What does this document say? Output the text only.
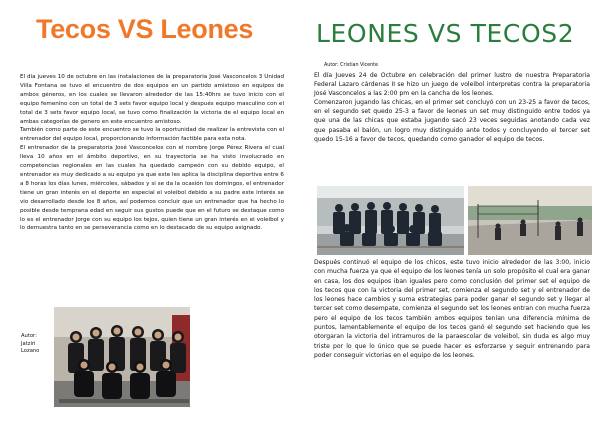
Tecos VS Leones

El día jueves 10 de octubre en las instalaciones de la preparatoria José Vasconcelos 3 Unidad Villa Fontana se tuvo el encuentro de dos equipos en un partido amistoso en equipos de ambos géneros, en los cuales se llevaron alrededor de las 15:40hrs se tuvo inicio con el equipo femenino con un total de 3 sets favor equipo local y después equipo masculino con el total de 3 sets favor equipo local, se tuvo como finalización la victoria de el equipo local en ambas categorías de genero en este encuentro amistoso.

También como parte de este encuentro se tuvo la oportunidad de realizar la entrevista con el entrenador del equipo local, proporcionando información factible para esta nota.

El entrenador de la preparatoria José Vasconcelos con el nombre Jorge Pérez Rivera el cual lleva 10 años en el ámbito deportivo, en su trayectoria se ha visto involucrado en competencias regionales en las cuales ha quedado campeón con su debido equipo, el entrenador es muy dedicado a su equipo ya que este les aplica la disciplina deportiva entre 6 a 8 horas los días lunes, miércoles, sábados y si se da la ocasión los domingos, el entrenador tiene un gran interés en el deporte en especial el voleibol debido a su padre este interés se vio desarrollado desde los 8 años, así podemos concluir que un entrenador que ha hecho lo posible desde temprana edad en seguir sus gustos puede que en el futuro se destaque como lo es el entrenador Jorge con su equipo los tejos, quien tiene un gran interés en el voleibol y lo demuestra tanto en se perseverancia como en lo destacado de su equipo asignado.

Autor:
Jatziri Lozano
LEONES VS TECOS2
Autor: Cristian Vicente

El día Jueves 24 de Octubre en celebración del primer lustro de nuestra Preparatoria Federal Lazaro cárdenas II se hizo un juego de voleibol interpretas contra la preparatoria José Vasconcelos a las 2:00 pm en la cancha de los leones.

Comenzaron jugando las chicas, en el primer set concluyó con un 23-25 a favor de tecos, en el segundo set quedo 25-3 a favor de leones un set muy distinguido entre todos ya que una de las chicas que estaba jugando sacó 23 veces seguidas anotando cada vez que pasaba el balón, un logro muy distinguido ante todos y concluyendo el tercer set quedo 15-16 a favor de tecos, quedando como ganador el equipo de tecos.

Después continuó el equipo de los chicos, este tuvo inicio alrededor de las 3:00, inicio con mucha fuerza ya que el equipo de los leones tenía un solo propósito el cual era ganar en casa, los dos equipos iban iguales pero como conclusión del primer set el equipo de los tecos que con la victoria del primer set, comienza el segundo set y el entrenador de los leones hace cambios y suma estrategias para poder ganar el segundo set y llegar al tercer set como desempate, comienza el segundo set los leones entran con mucha fuerza pero el equipo de los tecos también ambos equipos tenían una diferencia mínima de puntos, lamentablemente el equipo de los tecos ganó el segundo set haciendo que les otorgaran la victoria del intramuros de la paraescolar de voleibol, sin duda es algo muy triste por lo que lo único que se puede hacer es esforzarse y seguir entrenando para poder conseguir victorias en el equipo de los leones.
